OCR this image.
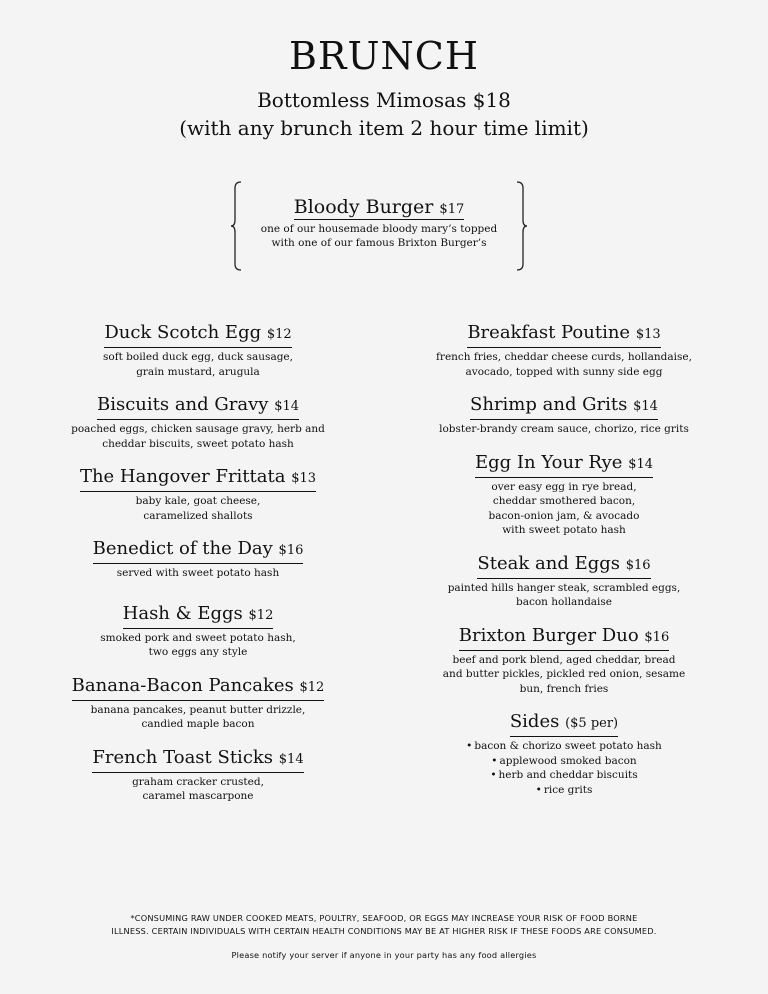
BRUNCH
Bottomless Mimosas $18
(with any brunch item 2 hour time limit)
Bloody Burger $17
one of our housemade bloody mary’s topped
with one of our famous Brixton Burger’s
Duck Scotch Egg $12
soft boiled duck egg, duck sausage,
grain mustard, arugula
Biscuits and Gravy $14
poached eggs, chicken sausage gravy, herb and
cheddar biscuits, sweet potato hash
The Hangover Frittata $13
baby kale, goat cheese,
caramelized shallots
Benedict of the Day $16
served with sweet potato hash
Hash & Eggs $12
smoked pork and sweet potato hash,
two eggs any style
Banana-Bacon Pancakes $12
banana pancakes, peanut butter drizzle,
candied maple bacon
French Toast Sticks $14
graham cracker crusted,
caramel mascarpone
Breakfast Poutine $13
french fries, cheddar cheese curds, hollandaise,
avocado, topped with sunny side egg
Shrimp and Grits $14
lobster-brandy cream sauce, chorizo, rice grits
Egg In Your Rye $14
over easy egg in rye bread,
cheddar smothered bacon,
bacon-onion jam, & avocado
with sweet potato hash
Steak and Eggs $16
painted hills hanger steak, scrambled eggs,
bacon hollandaise
Brixton Burger Duo $16
beef and pork blend, aged cheddar, bread
and butter pickles, pickled red onion, sesame
bun, french fries
Sides ($5 per)
• bacon & chorizo sweet potato hash
• applewood smoked bacon
• herb and cheddar biscuits
• rice grits
*CONSUMING RAW UNDER COOKED MEATS, POULTRY, SEAFOOD, OR EGGS MAY INCREASE YOUR RISK OF FOOD BORNE
ILLNESS. CERTAIN INDIVIDUALS WITH CERTAIN HEALTH CONDITIONS MAY BE AT HIGHER RISK IF THESE FOODS ARE CONSUMED.
Please notify your server if anyone in your party has any food allergies
